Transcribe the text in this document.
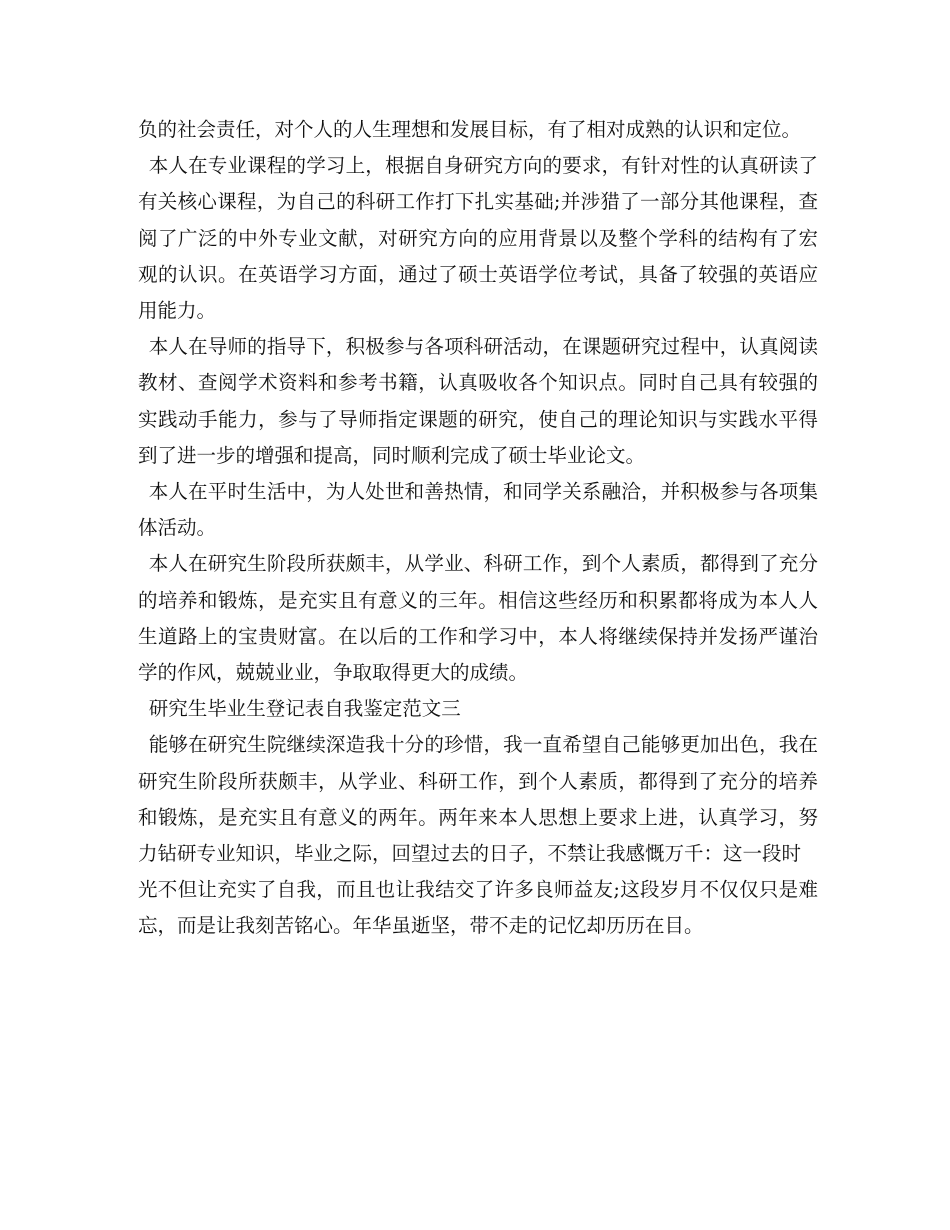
负的社会责任，对个人的人生理想和发展目标，有了相对成熟的认识和定位。

本人在专业课程的学习上，根据自身研究方向的要求，有针对性的认真研读了有关核心课程，为自己的科研工作打下扎实基础;并涉猎了一部分其他课程，查阅了广泛的中外专业文献，对研究方向的应用背景以及整个学科的结构有了宏观的认识。在英语学习方面，通过了硕士英语学位考试，具备了较强的英语应用能力。

本人在导师的指导下，积极参与各项科研活动，在课题研究过程中，认真阅读教材、查阅学术资料和参考书籍，认真吸收各个知识点。同时自己具有较强的实践动手能力，参与了导师指定课题的研究，使自己的理论知识与实践水平得到了进一步的增强和提高，同时顺利完成了硕士毕业论文。

本人在平时生活中，为人处世和善热情，和同学关系融洽，并积极参与各项集体活动。

本人在研究生阶段所获颇丰，从学业、科研工作，到个人素质，都得到了充分的培养和锻炼，是充实且有意义的三年。相信这些经历和积累都将成为本人人生道路上的宝贵财富。在以后的工作和学习中，本人将继续保持并发扬严谨治学的作风，兢兢业业，争取取得更大的成绩。

研究生毕业生登记表自我鉴定范文三

能够在研究生院继续深造我十分的珍惜，我一直希望自己能够更加出色，我在研究生阶段所获颇丰，从学业、科研工作，到个人素质，都得到了充分的培养和锻炼，是充实且有意义的两年。两年来本人思想上要求上进，认真学习，努力钻研专业知识，毕业之际，回望过去的日子，不禁让我感慨万千：这一段时

光不但让充实了自我，而且也让我结交了许多良师益友;这段岁月不仅仅只是难忘，而是让我刻苦铭心。年华虽逝坚，带不走的记忆却历历在目。
